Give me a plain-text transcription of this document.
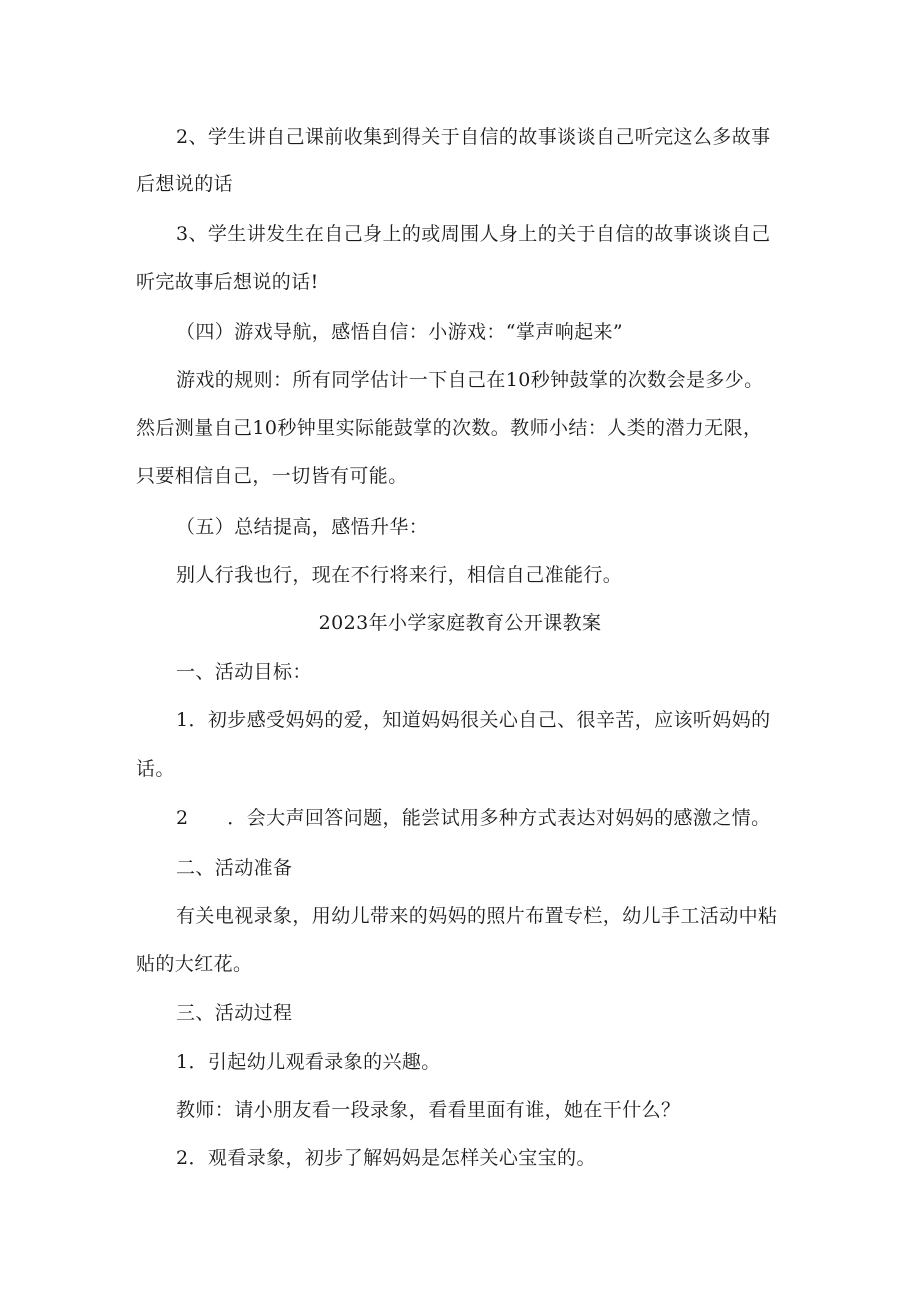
2、学生讲自己课前收集到得关于自信的故事谈谈自己听完这么多故事
后想说的话
3、学生讲发生在自己身上的或周围人身上的关于自信的故事谈谈自己
听完故事后想说的话!
（四）游戏导航，感悟自信：小游戏：“掌声响起来”
游戏的规则：所有同学估计一下自己在10秒钟鼓掌的次数会是多少。
然后测量自己10秒钟里实际能鼓掌的次数。教师小结：人类的潜力无限，
只要相信自己，一切皆有可能。
（五）总结提高，感悟升华：
别人行我也行，现在不行将来行，相信自己准能行。
2023年小学家庭教育公开课教案
一、活动目标：
1．初步感受妈妈的爱，知道妈妈很关心自己、很辛苦，应该听妈妈的
话。
2　　．会大声回答问题，能尝试用多种方式表达对妈妈的感激之情。
二、活动准备
有关电视录象，用幼儿带来的妈妈的照片布置专栏，幼儿手工活动中粘
贴的大红花。
三、活动过程
1．引起幼儿观看录象的兴趣。
教师：请小朋友看一段录象，看看里面有谁，她在干什么？
2．观看录象，初步了解妈妈是怎样关心宝宝的。
